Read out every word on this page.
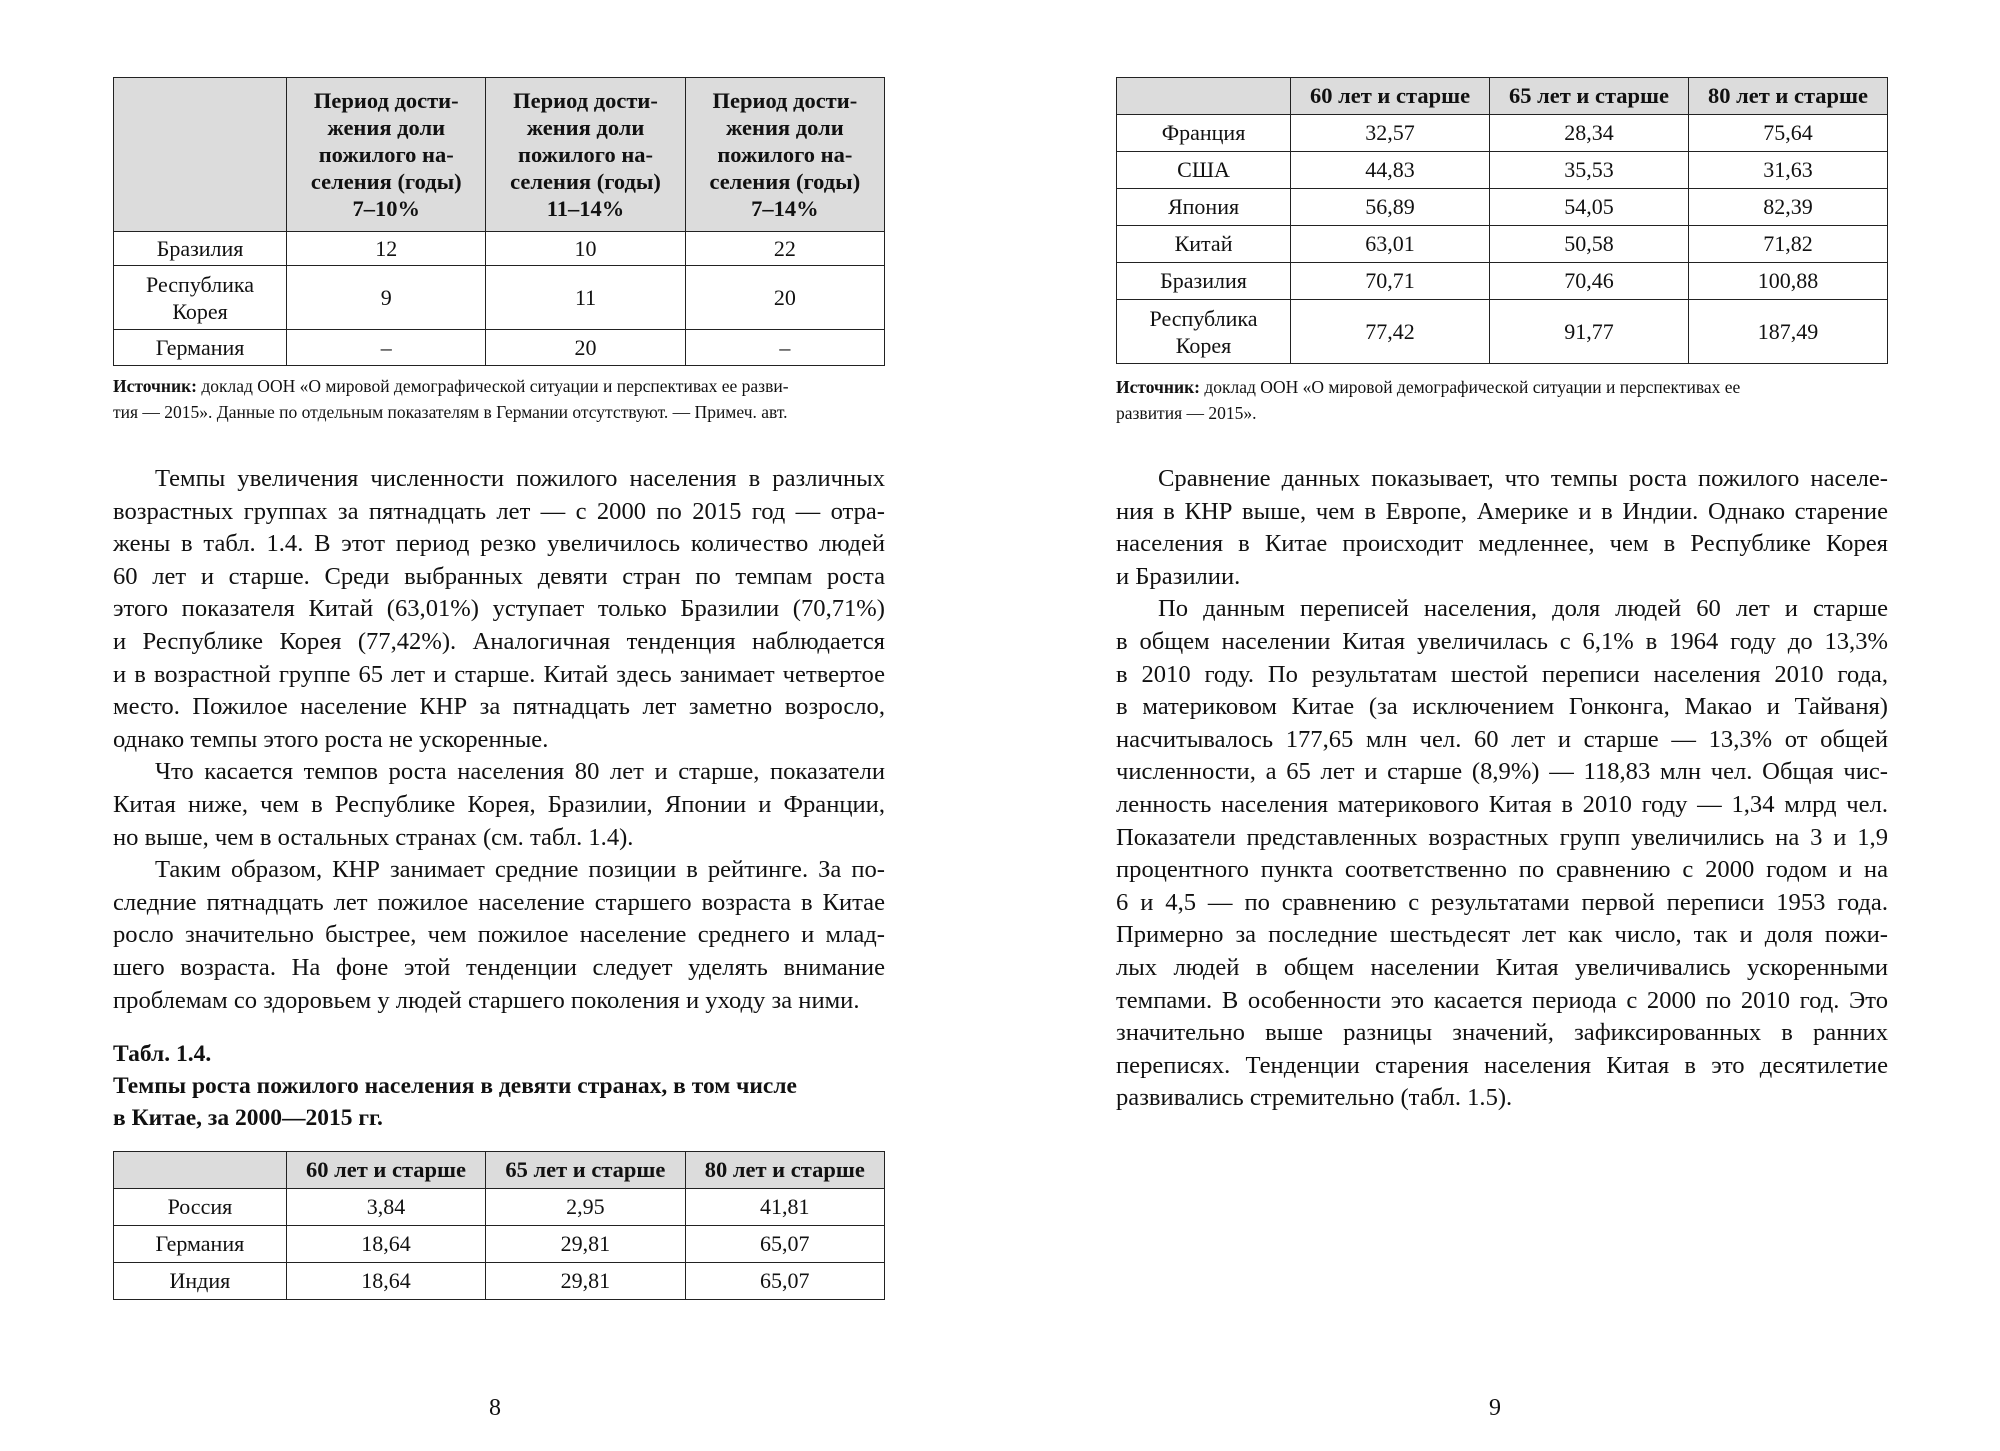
	Период дости-
жения доли
пожилого на-
селения (годы)
7–10%	Период дости-
жения доли
пожилого на-
селения (годы)
11–14%	Период дости-
жения доли
пожилого на-
селения (годы)
7–14%
Бразилия	12	10	22
Республика
Корея	9	11	20
Германия	–	20	–
Источник: доклад ООН «О мировой демографической ситуации и перспективах ее разви-
тия — 2015». Данные по отдельным показателям в Германии отсутствуют. — Примеч. авт.
Темпы увеличения численности пожилого населения в различных
возрастных группах за пятнадцать лет — с 2000 по 2015 год — отра-
жены в табл. 1.4. В этот период резко увеличилось количество людей
60 лет и старше. Среди выбранных девяти стран по темпам роста
этого показателя Китай (63,01%) уступает только Бразилии (70,71%)
и Республике Корея (77,42%). Аналогичная тенденция наблюдается
и в возрастной группе 65 лет и старше. Китай здесь занимает четвертое
место. Пожилое население КНР за пятнадцать лет заметно возросло,
однако темпы этого роста не ускоренные.
Что касается темпов роста населения 80 лет и старше, показатели
Китая ниже, чем в Республике Корея, Бразилии, Японии и Франции,
но выше, чем в остальных странах (см. табл. 1.4).
Таким образом, КНР занимает средние позиции в рейтинге. За по-
следние пятнадцать лет пожилое население старшего возраста в Китае
росло значительно быстрее, чем пожилое население среднего и млад-
шего возраста. На фоне этой тенденции следует уделять внимание
проблемам со здоровьем у людей старшего поколения и уходу за ними.
Табл. 1.4.
Темпы роста пожилого населения в девяти странах, в том числе
в Китае, за 2000—2015 гг.
	60 лет и старше	65 лет и старше	80 лет и старше
Россия	3,84	2,95	41,81
Германия	18,64	29,81	65,07
Индия	18,64	29,81	65,07
8
	60 лет и старше	65 лет и старше	80 лет и старше
Франция	32,57	28,34	75,64
США	44,83	35,53	31,63
Япония	56,89	54,05	82,39
Китай	63,01	50,58	71,82
Бразилия	70,71	70,46	100,88
Республика
Корея	77,42	91,77	187,49
Источник: доклад ООН «О мировой демографической ситуации и перспективах ее
развития — 2015».
Сравнение данных показывает, что темпы роста пожилого населе-
ния в КНР выше, чем в Европе, Америке и в Индии. Однако старение
населения в Китае происходит медленнее, чем в Республике Корея
и Бразилии.
По данным переписей населения, доля людей 60 лет и старше
в общем населении Китая увеличилась с 6,1% в 1964 году до 13,3%
в 2010 году. По результатам шестой переписи населения 2010 года,
в материковом Китае (за исключением Гонконга, Макао и Тайваня)
насчитывалось 177,65 млн чел. 60 лет и старше — 13,3% от общей
численности, а 65 лет и старше (8,9%) — 118,83 млн чел. Общая чис-
ленность населения материкового Китая в 2010 году — 1,34 млрд чел.
Показатели представленных возрастных групп увеличились на 3 и 1,9
процентного пункта соответственно по сравнению с 2000 годом и на
6 и 4,5 — по сравнению с результатами первой переписи 1953 года.
Примерно за последние шестьдесят лет как число, так и доля пожи-
лых людей в общем населении Китая увеличивались ускоренными
темпами. В особенности это касается периода с 2000 по 2010 год. Это
значительно выше разницы значений, зафиксированных в ранних
переписях. Тенденции старения населения Китая в это десятилетие
развивались стремительно (табл. 1.5).
9
